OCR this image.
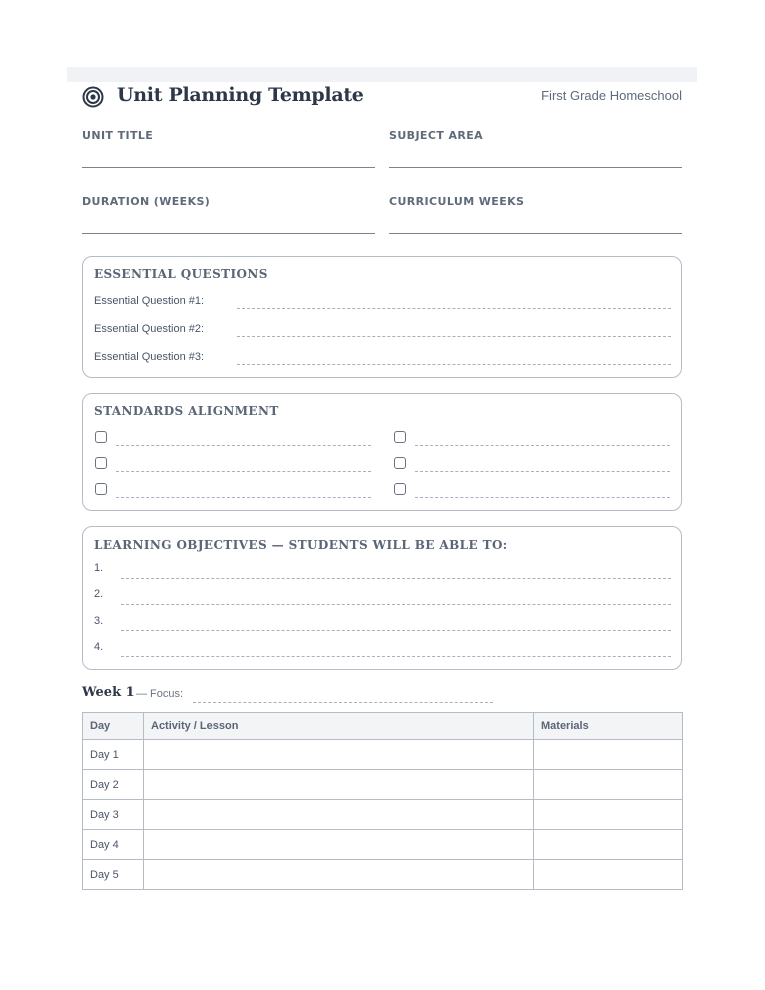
Unit Planning Template	First Grade Homeschool
UNIT TITLE	SUBJECT AREA
DURATION (WEEKS)	CURRICULUM WEEKS
ESSENTIAL QUESTIONS
Essential Question #1:
Essential Question #2:
Essential Question #3:
STANDARDS ALIGNMENT
LEARNING OBJECTIVES — STUDENTS WILL BE ABLE TO:
1.
2.
3.
4.
Week 1 — Focus:
Day	Activity / Lesson	Materials
Day 1		
Day 2		
Day 3		
Day 4		
Day 5		
